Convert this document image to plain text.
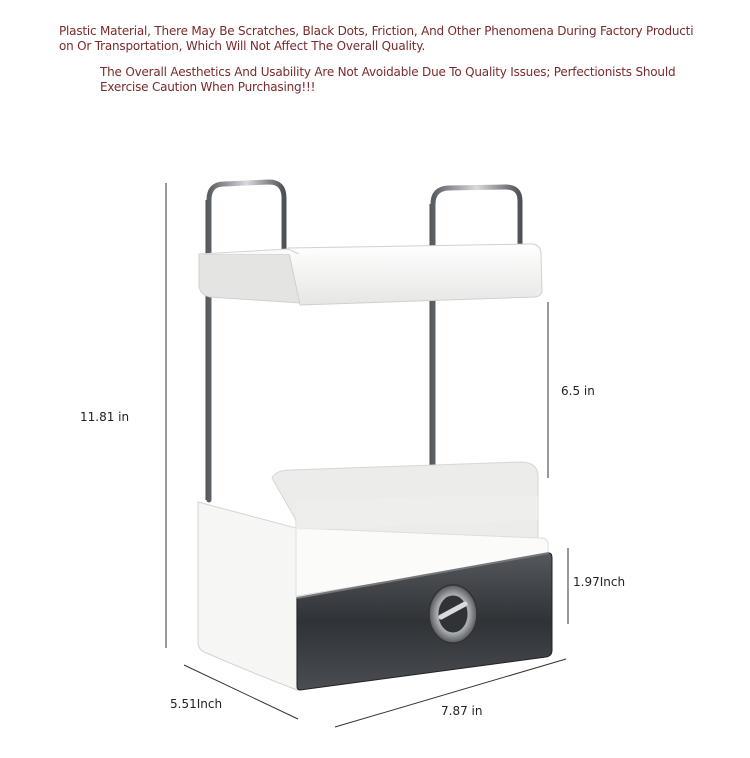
Plastic Material, There May Be Scratches, Black Dots, Friction, And Other Phenomena During Factory Producti
on Or Transportation, Which Will Not Affect The Overall Quality.
The Overall Aesthetics And Usability Are Not Avoidable Due To Quality Issues; Perfectionists Should
Exercise Caution When Purchasing!!!
11.81 in
6.5 in
1.97Inch
5.51Inch	7.87 in
